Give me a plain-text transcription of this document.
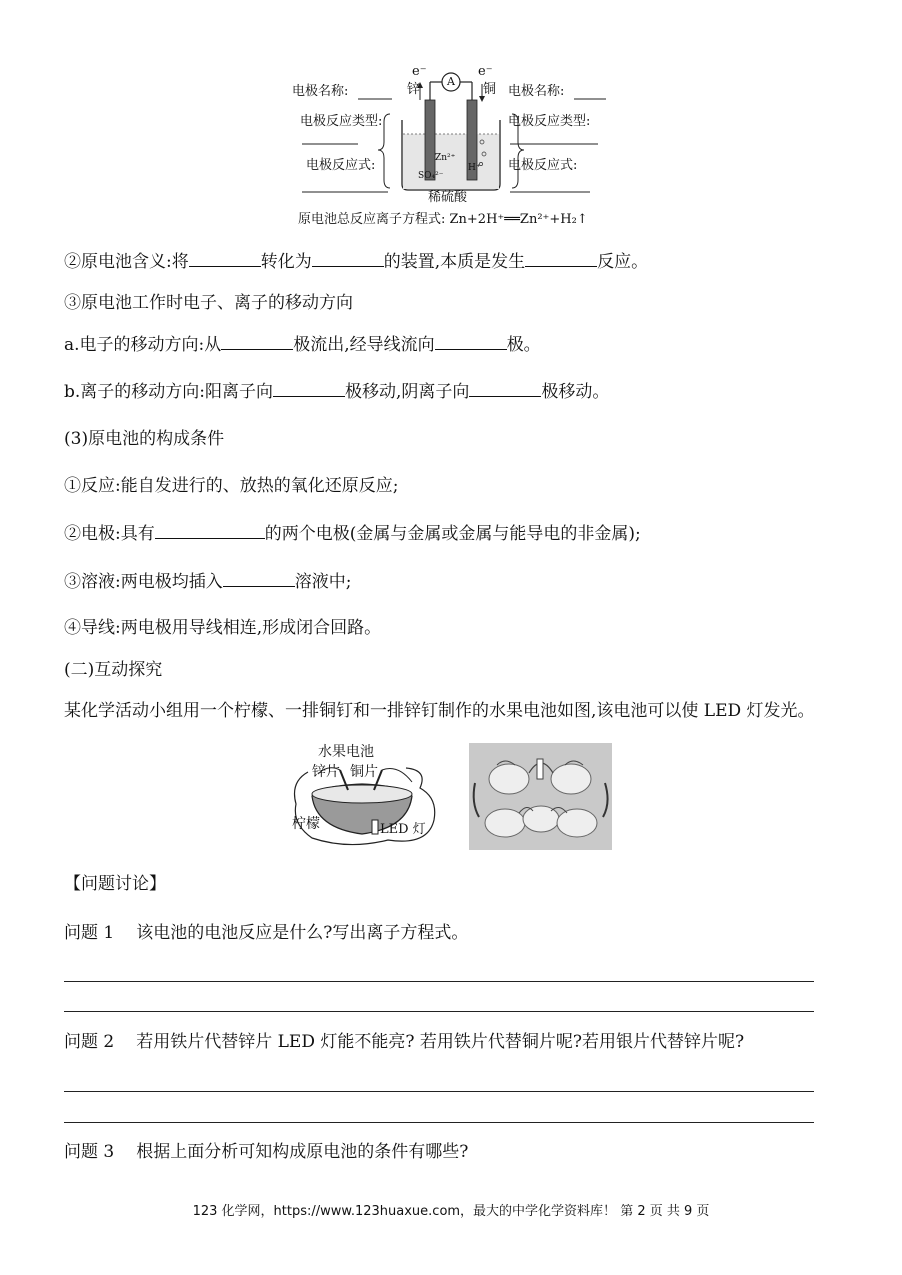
e⁻	e⁻
锌	铜
A
电极名称:
电极反应类型:
电极反应式:
电极名称:
电极反应类型:
电极反应式:
Zn²⁺
H⁺
SO₄²⁻
稀硫酸
原电池总反应离子方程式: Zn+2H⁺══Zn²⁺+H₂↑
②原电池含义:将	转化为	的装置,本质是发生	反应。
③原电池工作时电子、离子的移动方向
a.电子的移动方向:从	极流出,经导线流向	极。
b.离子的移动方向:阳离子向	极移动,阴离子向	极移动。
(3)原电池的构成条件
①反应:能自发进行的、放热的氧化还原反应;
②电极:具有	的两个电极(金属与金属或金属与能导电的非金属);
③溶液:两电极均插入	溶液中;
④导线:两电极用导线相连,形成闭合回路。
(二)互动探究
某化学活动小组用一个柠檬、一排铜钉和一排锌钉制作的水果电池如图,该电池可以使 LED 灯发光。
水果电池
锌片 铜片
柠檬	LED 灯
【问题讨论】
问题 1 该电池的电池反应是什么?写出离子方程式。
问题 2 若用铁片代替锌片 LED 灯能不能亮? 若用铁片代替铜片呢?若用银片代替锌片呢?
问题 3 根据上面分析可知构成原电池的条件有哪些?
123 化学网，https://www.123huaxue.com，最大的中学化学资料库！ 第 2 页 共 9 页
